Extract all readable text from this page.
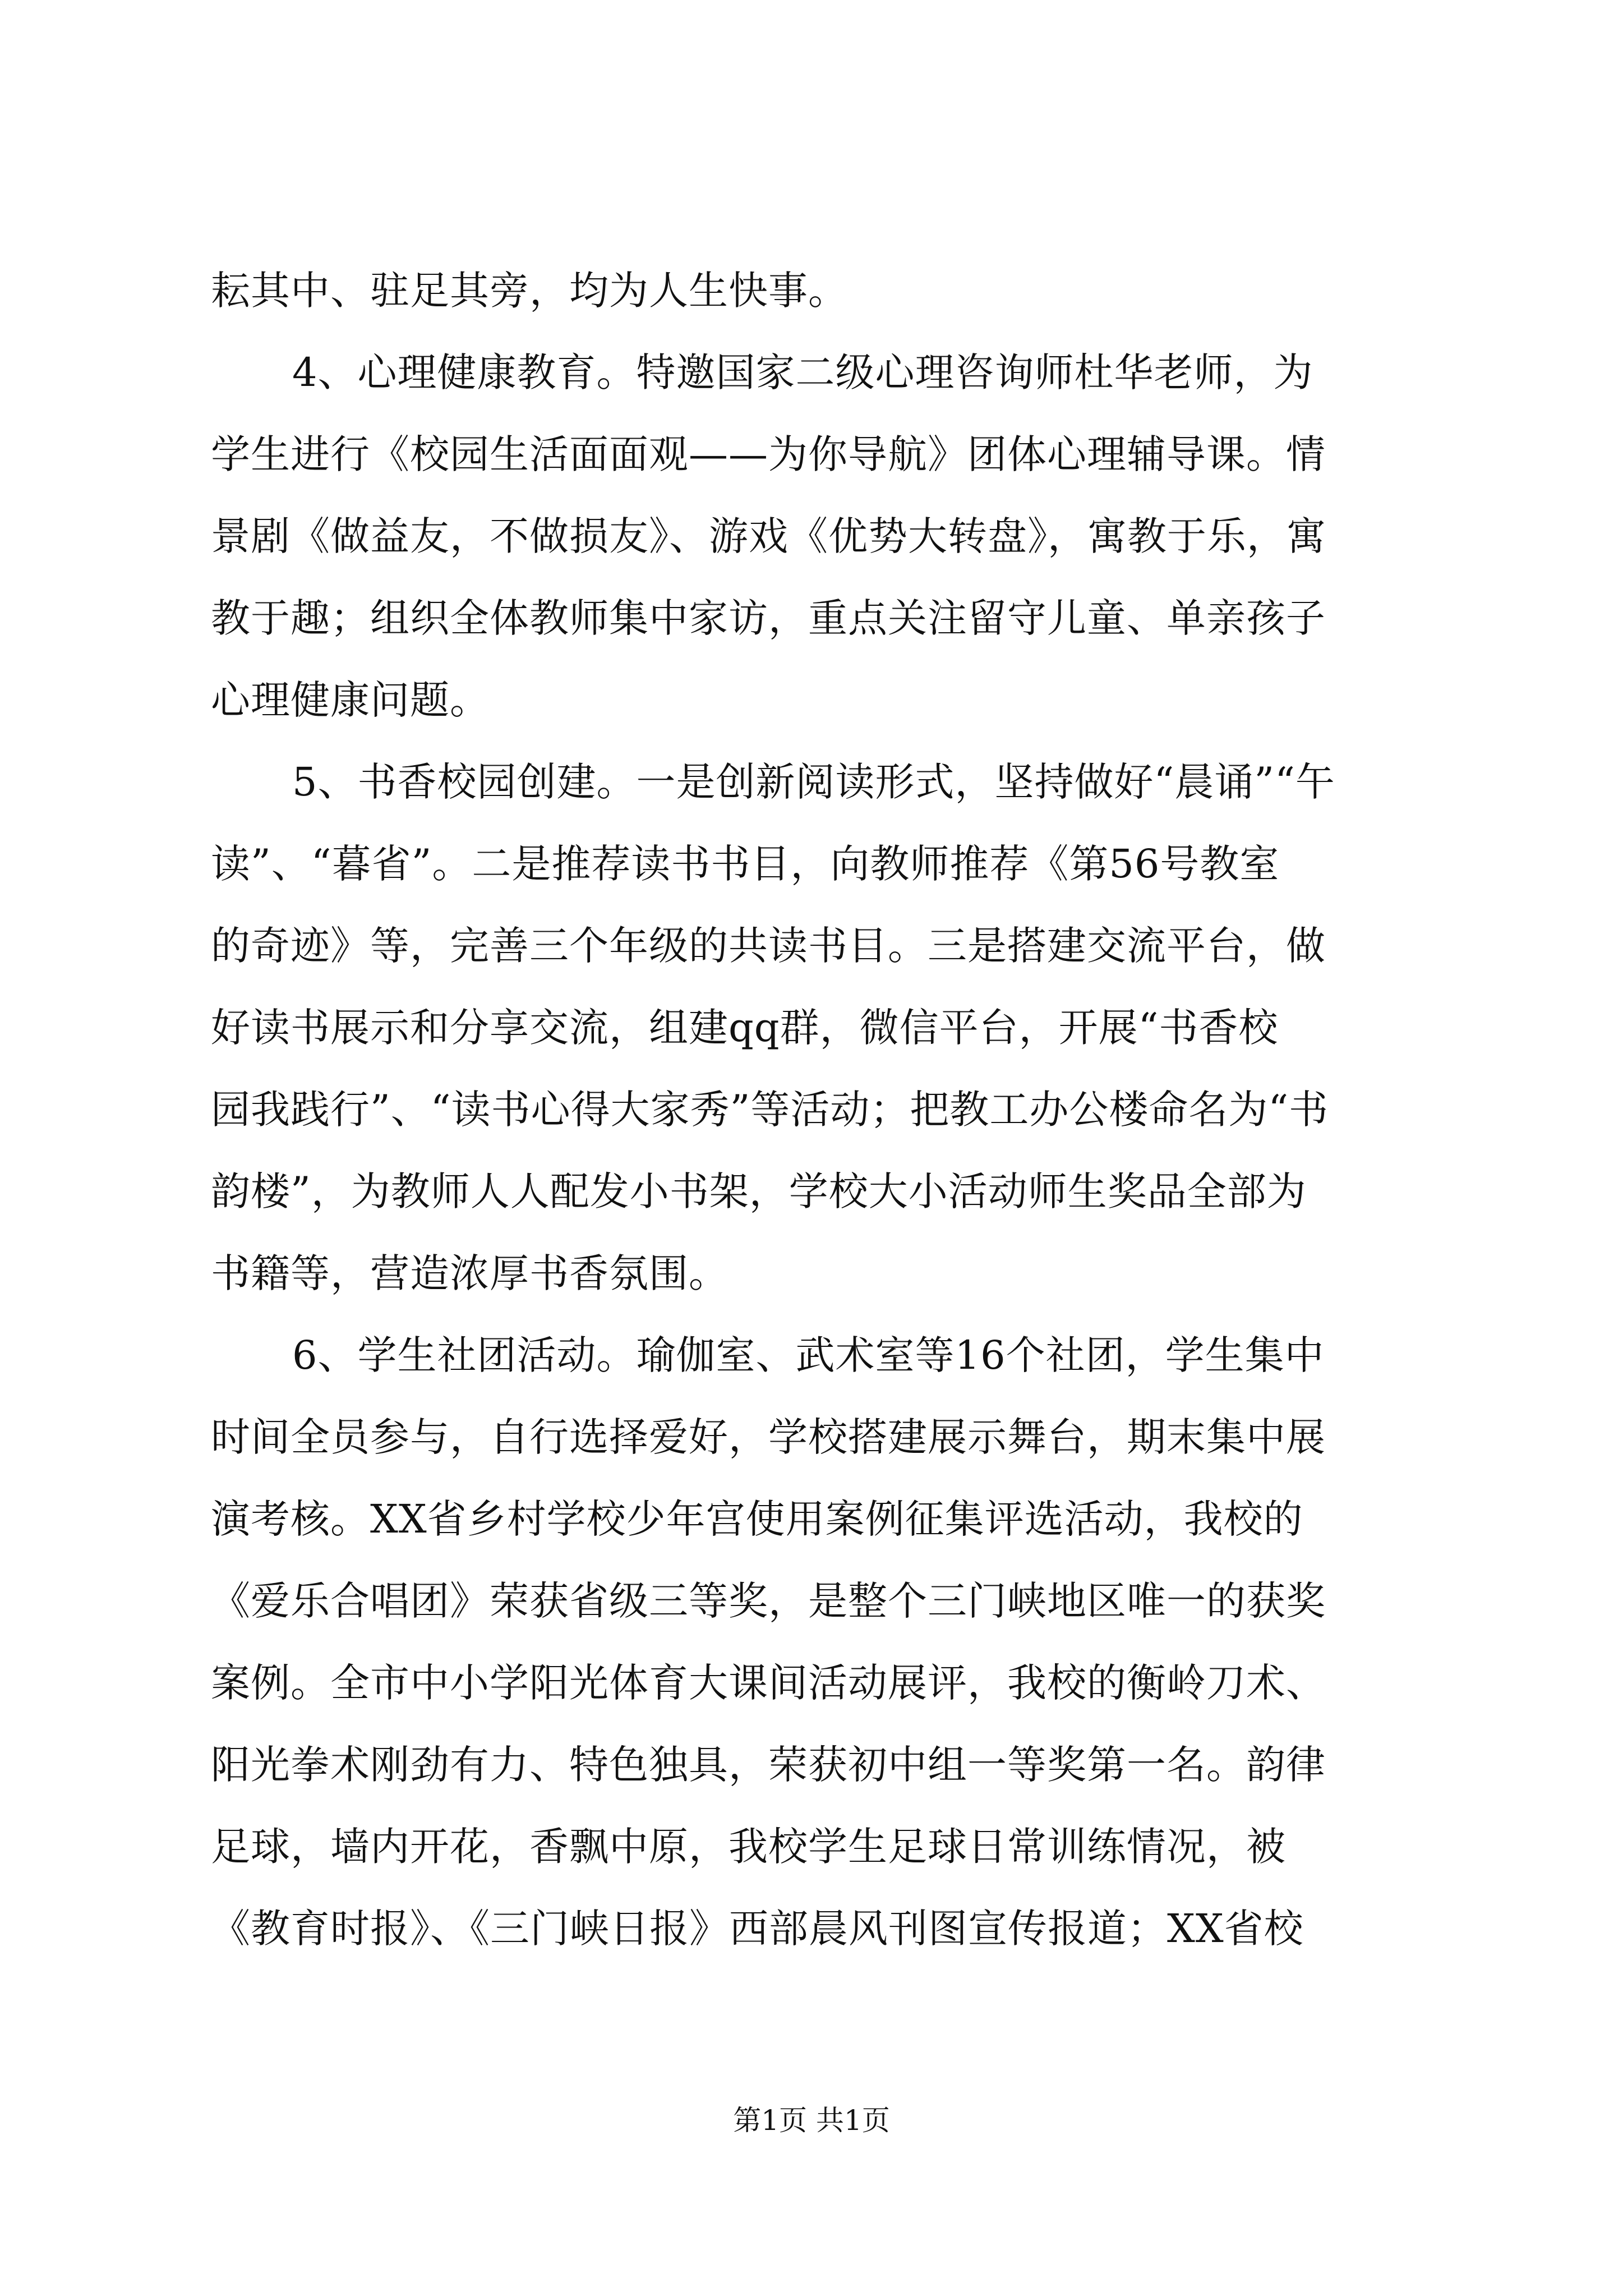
耘其中、驻足其旁，均为人生快事。
4、心理健康教育。特邀国家二级心理咨询师杜华老师，为
学生进行《校园生活面面观——为你导航》团体心理辅导课。情
景剧《做益友，不做损友》、游戏《优势大转盘》，寓教于乐，寓
教于趣；组织全体教师集中家访，重点关注留守儿童、单亲孩子
心理健康问题。
5、书香校园创建。一是创新阅读形式，坚持做好“晨诵”“午
读”、“暮省”。二是推荐读书书目，向教师推荐《第56号教室
的奇迹》等，完善三个年级的共读书目。三是搭建交流平台，做
好读书展示和分享交流，组建qq群，微信平台，开展“书香校
园我践行”、“读书心得大家秀”等活动；把教工办公楼命名为“书
韵楼”，为教师人人配发小书架，学校大小活动师生奖品全部为
书籍等，营造浓厚书香氛围。
6、学生社团活动。瑜伽室、武术室等16个社团，学生集中
时间全员参与，自行选择爱好，学校搭建展示舞台，期末集中展
演考核。XX省乡村学校少年宫使用案例征集评选活动，我校的
《爱乐合唱团》荣获省级三等奖，是整个三门峡地区唯一的获奖
案例。全市中小学阳光体育大课间活动展评，我校的衡岭刀术、
阳光拳术刚劲有力、特色独具，荣获初中组一等奖第一名。韵律
足球，墙内开花，香飘中原，我校学生足球日常训练情况，被
《教育时报》、《三门峡日报》西部晨风刊图宣传报道；XX省校
第1页 共1页
